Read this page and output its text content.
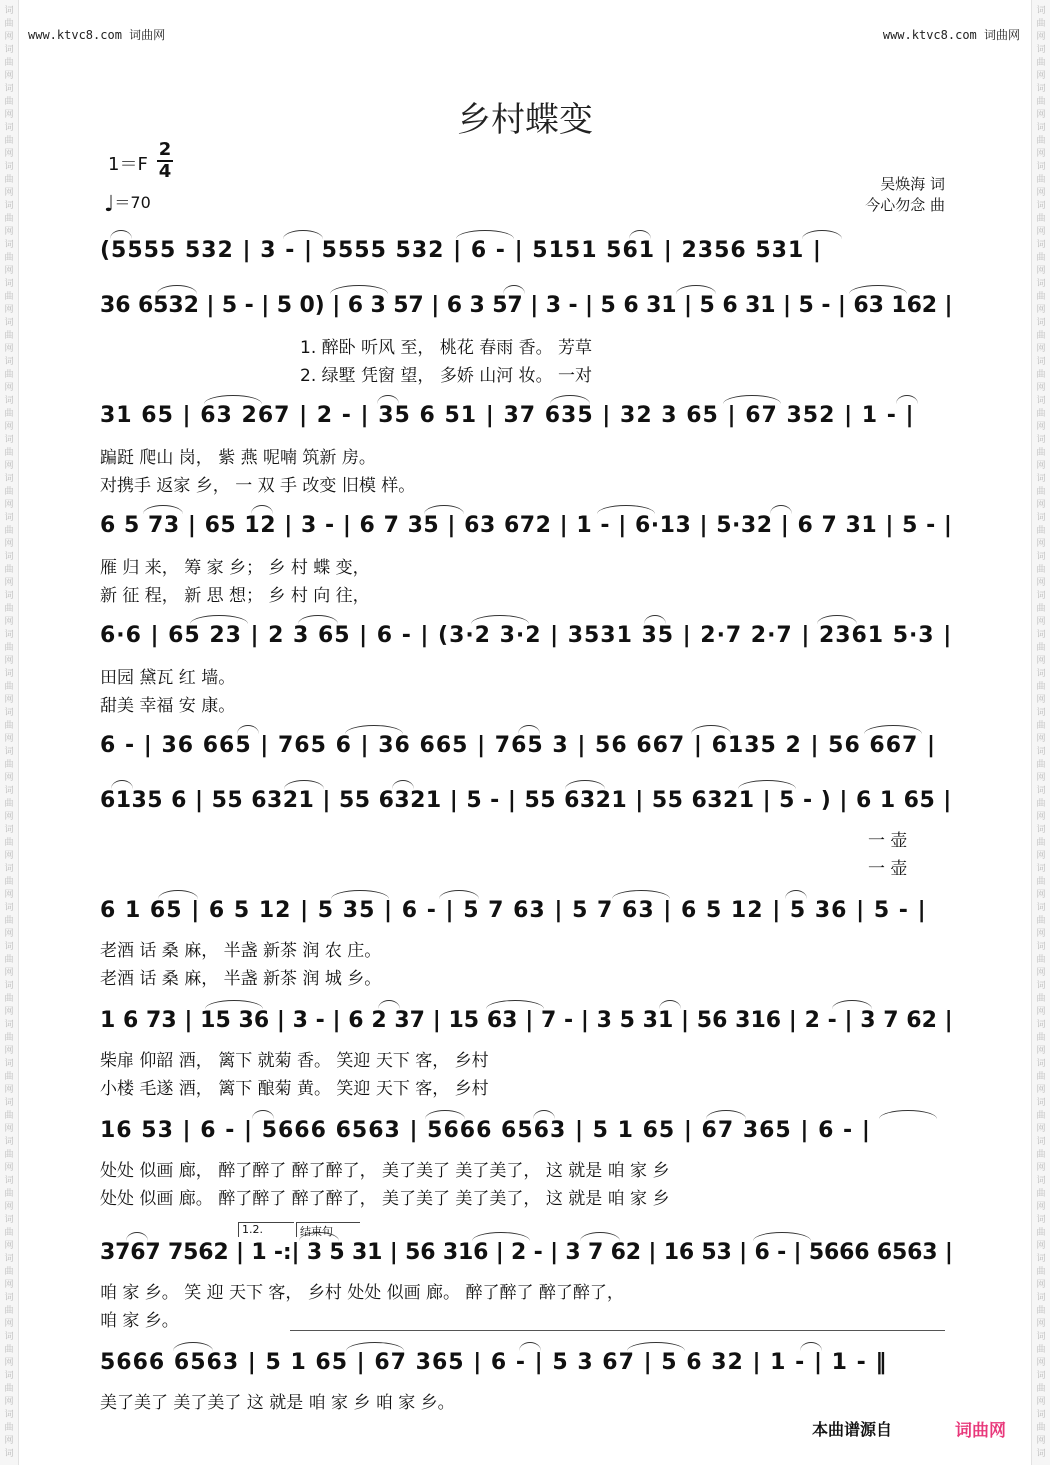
词
曲
网
词
曲
网
词
曲
网
词
曲
网
词
曲
网
词
曲
网
词
曲
网
词
曲
网
词
曲
网
词
曲
网
词
曲
网
词
曲
网
词
曲
网
词
曲
网
词
曲
网
词
曲
网
词
曲
网
词
曲
网
词
曲
网
词
曲
网
词
曲
网
词
曲
网
词
曲
网
词
曲
网
词
曲
网
词
曲
网
词
曲
网
词
曲
网
词
曲
网
词
曲
网
词
曲
网
词
曲
网
词
曲
网
词
曲
网
词
曲
网
词
曲
网
词
曲
网
词
词
曲
网
词
曲
网
词
曲
网
词
曲
网
词
曲
网
词
曲
网
词
曲
网
词
曲
网
词
曲
网
词
曲
网
词
曲
网
词
曲
网
词
曲
网
词
曲
网
词
曲
网
词
曲
网
词
曲
网
词
曲
网
词
曲
网
词
曲
网
词
曲
网
词
曲
网
词
曲
网
词
曲
网
词
曲
网
词
曲
网
词
曲
网
词
曲
网
词
曲
网
词
曲
网
词
曲
网
词
曲
网
词
曲
网
词
曲
网
词
曲
网
词
曲
网
词
曲
网
词
www.ktvc8.com 词曲网	www.ktvc8.com 词曲网
乡村蝶变
1＝F
2
4
♩＝70
吴焕海 词
今心勿念 曲
(5555 532 | 3 - | 5555 532 | 6 - | 5151 561 | 2356 531 |
36 6532 | 5 - | 5 0) | 6 3 57 | 6 3 57 | 3 - | 5 6 31 | 5 6 31 | 5 - | 63 162 |
31 65 | 63 267 | 2 - | 35 6 51 | 37 635 | 32 3 65 | 67 352 | 1 - |
6 5 73 | 65 12 | 3 - | 6 7 35 | 63 672 | 1 - | 6·13 | 5·32 | 6 7 31 | 5 - |
6·6 | 65 23 | 2 3 65 | 6 - | (3·2 3·2 | 3531 35 | 2·7 2·7 | 2361 5·3 |
6 - | 36 665 | 765 6 | 36 665 | 765 3 | 56 667 | 6135 2 | 56 667 |
6135 6 | 55 6321 | 55 6321 | 5 - | 55 6321 | 55 6321 | 5 - ) | 6 1 65 |
6 1 65 | 6 5 12 | 5 35 | 6 - | 5 7 63 | 5 7 63 | 6 5 12 | 5 36 | 5 - |
1 6 73 | 15 36 | 3 - | 6 2 37 | 15 63 | 7 - | 3 5 31 | 56 316 | 2 - | 3 7 62 |
16 53 | 6 - | 5666 6563 | 5666 6563 | 5 1 65 | 67 365 | 6 - |
3767 7562 | 1 -:| 3 5 31 | 56 316 | 2 - | 3 7 62 | 16 53 | 6 - | 5666 6563 |
5666 6563 | 5 1 65 | 67 365 | 6 - | 5 3 67 | 5 6 32 | 1 - | 1 - ‖
1. 醉卧 听风 至， 桃花 春雨 香。 芳草
2. 绿墅 凭窗 望， 多娇 山河 妆。 一对
蹁跹 爬山 岗， 紫 燕 呢喃 筑新 房。
对携手 返家 乡， 一 双 手 改变 旧模 样。
雁 归 来， 筹 家 乡； 乡 村 蝶 变，
新 征 程， 新 思 想； 乡 村 向 往，
田园 黛瓦 红 墙。
甜美 幸福 安 康。
一 壶
一 壶
老酒 话 桑 麻， 半盏 新茶 润 农 庄。
老酒 话 桑 麻， 半盏 新茶 润 城 乡。
柴扉 仰韶 酒， 篱下 就菊 香。 笑迎 天下 客， 乡村
小楼 毛遂 酒， 篱下 酿菊 黄。 笑迎 天下 客， 乡村
处处 似画 廊， 醉了醉了 醉了醉了， 美了美了 美了美了， 这 就是 咱 家 乡
处处 似画 廊。 醉了醉了 醉了醉了， 美了美了 美了美了， 这 就是 咱 家 乡
咱 家 乡。 笑 迎 天下 客， 乡村 处处 似画 廊。 醉了醉了 醉了醉了，
咱 家 乡。
美了美了 美了美了 这 就是 咱 家 乡 咱 家 乡。
1.2.	结束句
本曲谱源自	词曲网
